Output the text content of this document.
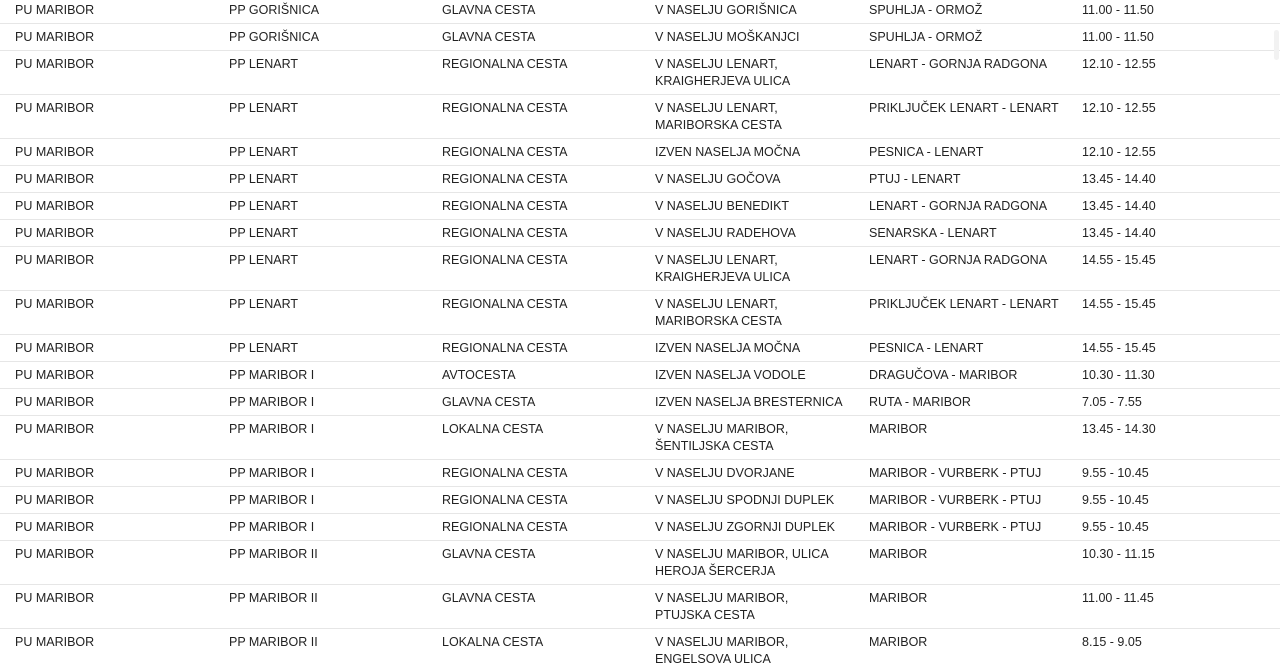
PU MARIBOR	PP GORIŠNICA	GLAVNA CESTA	V NASELJU GORIŠNICA	SPUHLJA - ORMOŽ	11.00 - 11.50
PU MARIBOR	PP GORIŠNICA	GLAVNA CESTA	V NASELJU MOŠKANJCI	SPUHLJA - ORMOŽ	11.00 - 11.50
PU MARIBOR	PP LENART	REGIONALNA CESTA	V NASELJU LENART, KRAIGHERJEVA ULICA	LENART - GORNJA RADGONA	12.10 - 12.55
PU MARIBOR	PP LENART	REGIONALNA CESTA	V NASELJU LENART, MARIBORSKA CESTA	PRIKLJUČEK LENART - LENART	12.10 - 12.55
PU MARIBOR	PP LENART	REGIONALNA CESTA	IZVEN NASELJA MOČNA	PESNICA - LENART	12.10 - 12.55
PU MARIBOR	PP LENART	REGIONALNA CESTA	V NASELJU GOČOVA	PTUJ - LENART	13.45 - 14.40
PU MARIBOR	PP LENART	REGIONALNA CESTA	V NASELJU BENEDIKT	LENART - GORNJA RADGONA	13.45 - 14.40
PU MARIBOR	PP LENART	REGIONALNA CESTA	V NASELJU RADEHOVA	SENARSKA - LENART	13.45 - 14.40
PU MARIBOR	PP LENART	REGIONALNA CESTA	V NASELJU LENART, KRAIGHERJEVA ULICA	LENART - GORNJA RADGONA	14.55 - 15.45
PU MARIBOR	PP LENART	REGIONALNA CESTA	V NASELJU LENART, MARIBORSKA CESTA	PRIKLJUČEK LENART - LENART	14.55 - 15.45
PU MARIBOR	PP LENART	REGIONALNA CESTA	IZVEN NASELJA MOČNA	PESNICA - LENART	14.55 - 15.45
PU MARIBOR	PP MARIBOR I	AVTOCESTA	IZVEN NASELJA VODOLE	DRAGUČOVA - MARIBOR	10.30 - 11.30
PU MARIBOR	PP MARIBOR I	GLAVNA CESTA	IZVEN NASELJA BRESTERNICA	RUTA - MARIBOR	7.05 - 7.55
PU MARIBOR	PP MARIBOR I	LOKALNA CESTA	V NASELJU MARIBOR, ŠENTILJSKA CESTA	MARIBOR	13.45 - 14.30
PU MARIBOR	PP MARIBOR I	REGIONALNA CESTA	V NASELJU DVORJANE	MARIBOR - VURBERK - PTUJ	9.55 - 10.45
PU MARIBOR	PP MARIBOR I	REGIONALNA CESTA	V NASELJU SPODNJI DUPLEK	MARIBOR - VURBERK - PTUJ	9.55 - 10.45
PU MARIBOR	PP MARIBOR I	REGIONALNA CESTA	V NASELJU ZGORNJI DUPLEK	MARIBOR - VURBERK - PTUJ	9.55 - 10.45
PU MARIBOR	PP MARIBOR II	GLAVNA CESTA	V NASELJU MARIBOR, ULICA HEROJA ŠERCERJA	MARIBOR	10.30 - 11.15
PU MARIBOR	PP MARIBOR II	GLAVNA CESTA	V NASELJU MARIBOR, PTUJSKA CESTA	MARIBOR	11.00 - 11.45
PU MARIBOR	PP MARIBOR II	LOKALNA CESTA	V NASELJU MARIBOR, ENGELSOVA ULICA	MARIBOR	8.15 - 9.05
